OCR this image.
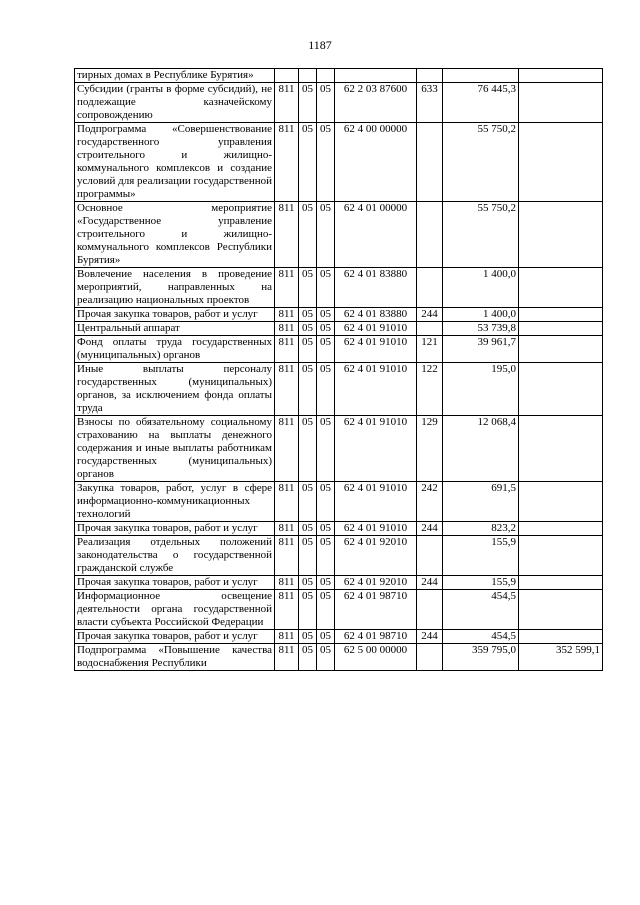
1187
тирных домах в Республике Бурятия»							
Субсидии (гранты в форме субсидий), не подлежащие казначейскому сопровождению	811	05	05	62 2 03 87600	633	76 445,3	
Подпрограмма «Совершенствование государственного управления строительного и жилищно-коммунального комплексов и создание условий для реализации государственной программы»	811	05	05	62 4 00 00000		55 750,2	
Основное мероприятие «Государственное управление строительного и жилищно-коммунального комплексов Республики Бурятия»	811	05	05	62 4 01 00000		55 750,2	
Вовлечение населения в проведение мероприятий, направленных на реализацию национальных проектов	811	05	05	62 4 01 83880		1 400,0	
Прочая закупка товаров, работ и услуг	811	05	05	62 4 01 83880	244	1 400,0	
Центральный аппарат	811	05	05	62 4 01 91010		53 739,8	
Фонд оплаты труда государственных (муниципальных) органов	811	05	05	62 4 01 91010	121	39 961,7	
Иные выплаты персоналу государственных (муниципальных) органов, за исключением фонда оплаты труда	811	05	05	62 4 01 91010	122	195,0	
Взносы по обязательному социальному страхованию на выплаты денежного содержания и иные выплаты работникам государственных (муниципальных) органов	811	05	05	62 4 01 91010	129	12 068,4	
Закупка товаров, работ, услуг в сфере информационно-коммуникационных технологий	811	05	05	62 4 01 91010	242	691,5	
Прочая закупка товаров, работ и услуг	811	05	05	62 4 01 91010	244	823,2	
Реализация отдельных положений законодательства о государственной гражданской службе	811	05	05	62 4 01 92010		155,9	
Прочая закупка товаров, работ и услуг	811	05	05	62 4 01 92010	244	155,9	
Информационное освещение деятельности органа государственной власти субъекта Российской Федерации	811	05	05	62 4 01 98710		454,5	
Прочая закупка товаров, работ и услуг	811	05	05	62 4 01 98710	244	454,5	
Подпрограмма «Повышение качества водоснабжения Республики	811	05	05	62 5 00 00000		359 795,0	352 599,1
